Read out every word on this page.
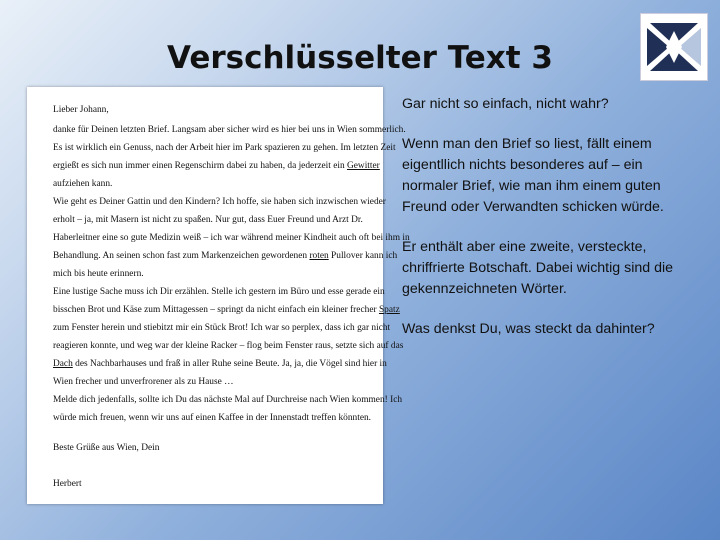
Verschlüsselter Text 3
Lieber Johann,
danke für Deinen letzten Brief. Langsam aber sicher wird es hier bei uns in Wien sommerlich.
Es ist wirklich ein Genuss, nach der Arbeit hier im Park spazieren zu gehen. Im letzten Zeit
ergießt es sich nun immer einen Regenschirm dabei zu haben, da jederzeit ein Gewitter
aufziehen kann.
Wie geht es Deiner Gattin und den Kindern? Ich hoffe, sie haben sich inzwischen wieder
erholt – ja, mit Masern ist nicht zu spaßen. Nur gut, dass Euer Freund und Arzt Dr.
Haberleitner eine so gute Medizin weiß – ich war während meiner Kindheit auch oft bei ihm in
Behandlung. An seinen schon fast zum Markenzeichen gewordenen roten Pullover kann ich
mich bis heute erinnern.
Eine lustige Sache muss ich Dir erzählen. Stelle ich gestern im Büro und esse gerade ein
bisschen Brot und Käse zum Mittagessen – springt da nicht einfach ein kleiner frecher Spatz
zum Fenster herein und stiebitzt mir ein Stück Brot! Ich war so perplex, dass ich gar nicht
reagieren konnte, und weg war der kleine Racker – flog beim Fenster raus, setzte sich auf das
Dach des Nachbarhauses und fraß in aller Ruhe seine Beute. Ja, ja, die Vögel sind hier in
Wien frecher und unverfrorener als zu Hause …
Melde dich jedenfalls, sollte ich Du das nächste Mal auf Durchreise nach Wien kommen! Ich
würde mich freuen, wenn wir uns auf einen Kaffee in der Innenstadt treffen könnten.
Beste Grüße aus Wien, Dein
Herbert

Gar nicht so einfach, nicht wahr?

Wenn man den Brief so liest, fällt einem eigentllich nichts besonderes auf – ein normaler Brief, wie man ihm einem guten Freund oder Verwandten schicken würde.

Er enthält aber eine zweite, versteckte, chriffrierte Botschaft. Dabei wichtig sind die gekennzeichneten Wörter.

Was denkst Du, was steckt da dahinter?
